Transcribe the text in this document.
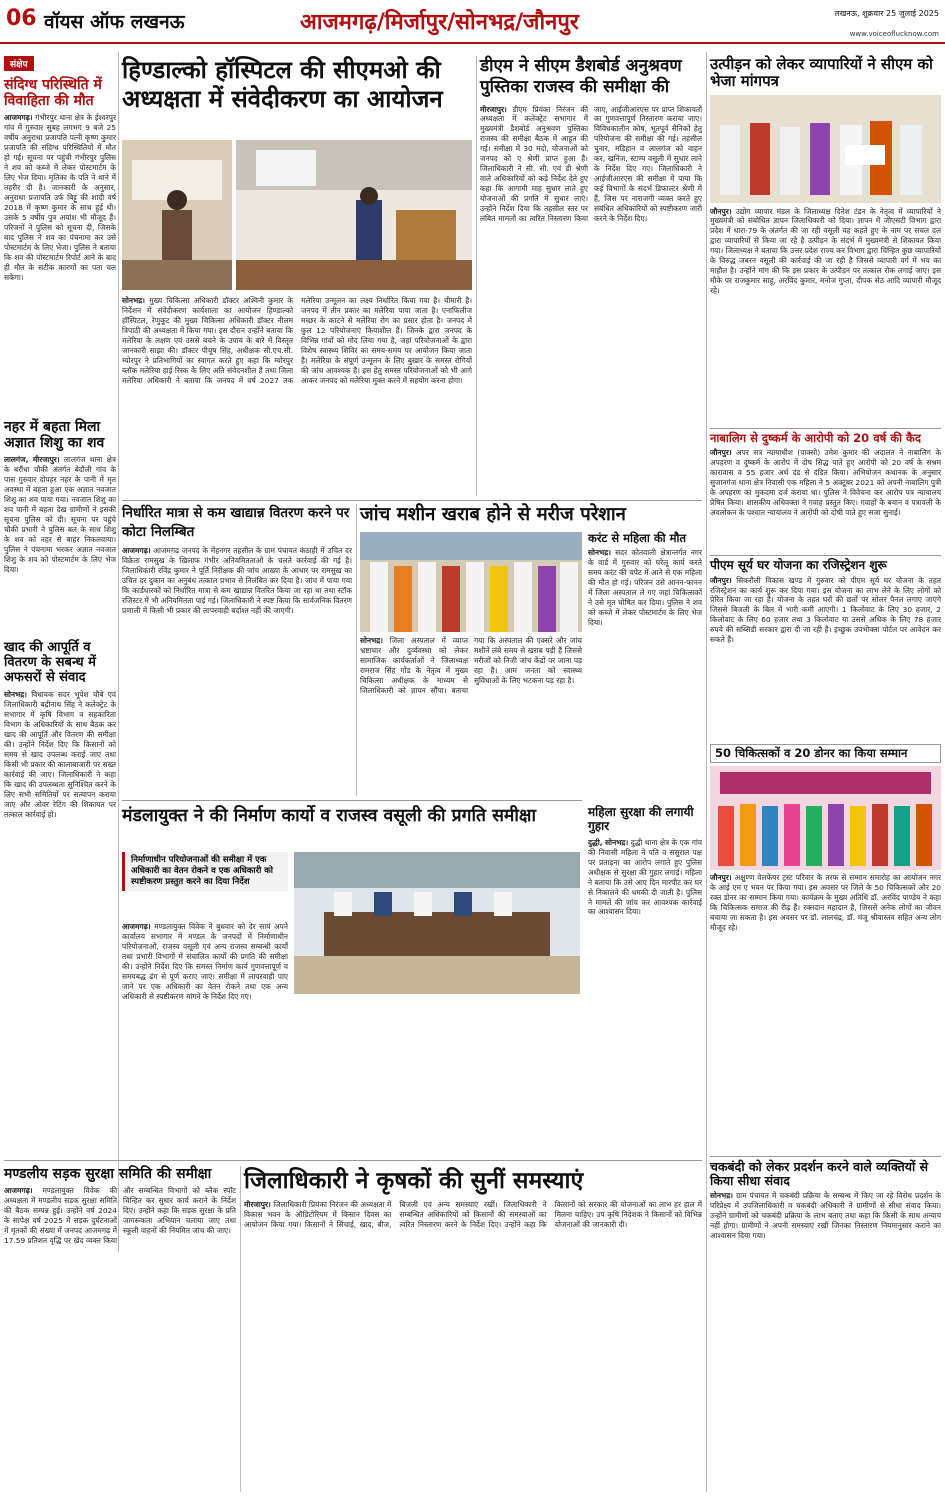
06 वॉयस ऑफ लखनऊ	आजमगढ़/मिर्जापुर/सोनभद्र/जौनपुर	लखनऊ, शुक्रवार 25 जुलाई 2025
www.voiceoflucknow.com
संक्षेप
संदिग्ध परिस्थिति में विवाहिता की मौत
आजमगढ़। गंभीरपुर थाना क्षेत्र के ईश्वरपुर गांव में गुरुवार सुबह लगभग 9 बजे 25 वर्षीय अनुराधा प्रजापति पत्नी कृष्ण कुमार प्रजापति की संदिग्ध परिस्थितियों में मौत हो गई। सूचना पर पहुंची गंभीरपुर पुलिस ने शव को कब्जे में लेकर पोस्टमार्टम के लिए भेज दिया। मृतिका के पति ने थाने में तहरीर दी है। जानकारी के अनुसार, अनुराधा प्रजापति उर्फ बिट्टू की शादी वर्ष 2018 में कृष्ण कुमार के साथ हुई थी। उसके 5 वर्षीय पुत्र अयांश भी मौजूद हैं। परिजनों ने पुलिस को सूचना दी, जिसके बाद पुलिस ने शव का पंचनामा कर उसे पोस्टमार्टम के लिए भेजा। पुलिस ने बताया कि शव की पोस्टमार्टम रिपोर्ट आने के बाद ही मौत के सटीक कारणों का पता चल सकेगा।
नहर में बहता मिला अज्ञात शिशु का शव
लालगंज, मीरजापुर। लालगंज थाना क्षेत्र के बरौंधा चौकी अंतर्गत बेदौली गांव के पास गुरुवार दोपहर नहर के पानी में मृत अवस्था में बहता हुआ एक अज्ञात नवजात शिशु का शव पाया गया। नवजात शिशु का शव पानी में बहता देख ग्रामीणों ने इसकी सूचना पुलिस को दी। सूचना पर पहुंचे चौकी प्रभारी ने पुलिस बल के साथ शिशु के शव को नहर से बाहर निकलवाया। पुलिस ने पंचनामा भरकर अज्ञात नवजात शिशु के शव को पोस्टमार्टम के लिए भेज दिया।
खाद की आपूर्ति व वितरण के सबन्ध में अफसरों से संवाद
सोनभद्र। विधायक सदर भूपेश चौबे एवं जिलाधिकारी बद्रीनाथ सिंह ने कलेक्ट्रेट के सभागार में कृषि विभाग व सहकारिता विभाग के अधिकारियों के साथ बैठक कर खाद की आपूर्ति और वितरण की समीक्षा की। उन्होंने निर्देश दिए कि किसानों को समय से खाद उपलब्ध कराई जाए तथा किसी भी प्रकार की कालाबाजारी पर सख्त कार्रवाई की जाए। जिलाधिकारी ने कहा कि खाद की उपलब्धता सुनिश्चित करने के लिए सभी समितियों पर सत्यापन कराया जाए और ओवर रेटिंग की शिकायत पर तत्काल कार्रवाई हो।
हिण्डाल्को हॉस्पिटल की सीएमओ की अध्यक्षता में संवेदीकरण का आयोजन
सोनभद्र। मुख्य चिकित्सा अधिकारी डॉक्टर अश्विनी कुमार के निर्देशन में संवेदीकरण कार्यशाला का आयोजन हिण्डाल्को हॉस्पिटल, रेणुकूट की मुख्य चिकित्सा अधिकारी डॉक्टर नीलम त्रिपाठी की अध्यक्षता में किया गया। इस दौरान उन्होंने बताया कि मलेरिया के लक्षण एवं उससे बचने के उपाय के बारे में विस्तृत जानकारी साझा की। डॉक्टर पीयूष सिंह, अधीक्षक सी.एच.सी. म्योरपुर ने प्रतिभागियों का स्वागत करते हुए कहा कि म्योरपुर ब्लॉक मलेरिया हाई रिस्क के लिए अति संवेदनशील है तथा जिला मलेरिया अधिकारी ने बताया कि जनपद में वर्ष 2027 तक मलेरिया उन्मूलन का लक्ष्य निर्धारित किया गया है। चीमारी है। जनपद में तीन प्रकार का मलेरिया पाया जाता है। एनाफिलीज मच्छर के काटने से मलेरिया रोग का प्रसार होता है। जनपद में कुल 12 परियोजनाएं कियाशील हैं। जिनके द्वारा जनपद के विभिन्न गांवों को मोद लिया गया है, जहां परियोजनाओं के द्वारा विशेष स्वास्थ्य शिविर का समय-समय पर आयोजन किया जाता है। मलेरिया के संपूर्ण उन्मूलन के लिए बुखार के समस्त रोगियों की जांच आवश्यक है। इस हेतु समस्त परियोजनाओं को भी आगे आकर जनपद को मलेरिया मुक्त करने में सहयोग करना होगा।
डीएम ने सीएम डैशबोर्ड अनुश्रवण पुस्तिका राजस्व की समीक्षा की
मीरजापुर। डीएम प्रियंका निरंजन की अध्यक्षता में कलेक्ट्रेट सभागार में मुख्यमंत्री डैशबोर्ड अनुश्रवण पुस्तिका राजस्व की समीक्षा बैठक में आहूत की गई। समीक्षा में 30 मदो, योजनाओं को जनपद को ए श्रेणी प्राप्त हुआ है। जिलाधिकारी ने सी. सी. एवं डी श्रेणी वाले अधिकारियों को कड़े निर्देश देते हुए कहा कि आगामी माह सुधार लाते हुए योजनाओं की प्रगति में सुधार लाएं। उन्होंने निर्देश दिया कि तहसील स्तर पर लंबित मामलों का त्वरित निस्तारण किया जाए, आईजीआरएस पर प्राप्त शिकायतों का गुणवत्तापूर्ण निस्तारण कराया जाए। विविधकालीन कोष, भूतपूर्व सैनिकों हेतु परियोजना की समीक्षा की गई। तहसील चुनार, मड़िहान व लालगंज को वाहन कर, खनिज, स्टाम्प वसूली में सुधार लाने के निर्देश दिए गए। जिलाधिकारी ने आईजीआरएस की समीक्षा में पाया कि कई विभागों के संदर्भ डिफाल्टर श्रेणी में हैं, जिस पर नाराजगी व्यक्त करते हुए संबंधित अधिकारियों को स्पष्टीकरण जारी करने के निर्देश दिए।
उत्पीड़न को लेकर व्यापारियों ने सीएम को भेजा मांगपत्र
जौनपुर। उद्योग व्यापार मंडल के जिलाध्यक्ष दिनेश टंडन के नेतृत्व में व्यापारियों ने मुख्यमंत्री को संबोधित ज्ञापन जिलाधिकारी को दिया। ज्ञापन में जीएसटी विभाग द्वारा प्रदेश में धारा-79 के अंतर्गत की जा रही वसूली यह कहते हुए के नाम पर सचल दल द्वारा व्यापारियों से किया जा रहे है उत्पीड़न के संदर्भ में मुख्यमंत्री से शिकायत किया गया। जिलाध्यक्ष ने बताया कि उत्तर प्रदेश राज्य कर विभाग द्वारा चिन्हित कुछ व्यापारियों के विरुद्ध जबरन वसूली की कार्रवाई की जा रही है जिससे व्यापारी वर्ग में भय का माहौल है। उन्होंने मांग की कि इस प्रकार के उत्पीड़न पर तत्काल रोक लगाई जाए। इस मौके पर राजकुमार साहू, अरविंद कुमार, मनोज गुप्ता, दीपक सेठ आदि व्यापारी मौजूद रहे।
नाबालिग से दुष्कर्म के आरोपी को 20 वर्ष की कैद
जौनपुर। अपर सत्र न्यायाधीश (पाक्सो) उमेश कुमार की अदालत ने नाबालिग के अपहरण व दुष्कर्म के आरोप में दोष सिद्ध पाते हुए आरोपी को 20 वर्ष के सश्रम कारावास व 55 हजार अर्थ दंड से दंडित किया। अभियोजन कथानक के अनुसार सुजानगंज थाना क्षेत्र निवासी एक महिला ने 5 अक्टूबर 2021 को अपनी नाबालिग पुत्री के अपहरण का मुकदमा दर्ज कराया था। पुलिस ने विवेचना कर आरोप पत्र न्यायालय प्रेषित किया। शासकीय अधिवक्ता ने गवाह प्रस्तुत किए। गवाहों के बयान व पत्रावली के अवलोकन के पश्चात न्यायालय ने आरोपी को दोषी पाते हुए सजा सुनाई।
पीएम सूर्य घर योजना का रजिस्ट्रेशन शुरू
जौनपुर। सिकरौली विकास खण्ड में गुरुवार को पीएम सूर्य घर योजना के तहत रजिस्ट्रेशन का कार्य शुरू कर दिया गया। इस योजना का लाभ लेने के लिए लोगों को प्रेरित किया जा रहा है। योजना के तहत घरों की छतों पर सोलर पैनल लगाए जाएंगे जिससे बिजली के बिल में भारी कमी आएगी। 1 किलोवाट के लिए 30 हजार, 2 किलोवाट के लिए 60 हजार तथा 3 किलोवाट या उससे अधिक के लिए 78 हजार रुपये की सब्सिडी सरकार द्वारा दी जा रही है। इच्छुक उपभोक्ता पोर्टल पर आवेदन कर सकते हैं।
50 चिकित्सकों व 20 डोनर का किया सम्मान
जौनपुर। अक्षुण्ण वेलफेयर ट्रस्ट परिवार के तरफ से सम्मान समारोह का आयोजन नगर के आई एम ए भवन पर किया गया। इस अवसर पर जिले के 50 चिकित्सकों और 20 रक्त डोनर का सम्मान किया गया। कार्यक्रम के मुख्य अतिथि डॉ. अरविंद पाण्डेय ने कहा कि चिकित्सक समाज की रीढ़ हैं। रक्तदान महादान है, जिससे अनेक लोगों का जीवन बचाया जा सकता है। इस अवसर पर डॉ. लालचंद्र, डॉ. मंजू श्रीवास्तव सहित अन्य लोग मौजूद रहे।
चकबंदी को लेकर प्रदर्शन करने वाले व्यक्तियों से किया सीधा संवाद
सोनभद्र। ग्राम पंचायत में चकबंदी प्रक्रिया के सम्बन्ध में किए जा रहे विरोध प्रदर्शन के परिप्रेक्ष्य में उपजिलाधिकारी व चकबंदी अधिकारी ने ग्रामीणों से सीधा संवाद किया। उन्होंने ग्रामीणों को चकबंदी प्रक्रिया के लाभ बताए तथा कहा कि किसी के साथ अन्याय नहीं होगा। ग्रामीणों ने अपनी समस्याएं रखीं जिनका निस्तारण नियमानुसार कराने का आश्वासन दिया गया।
निर्धारित मात्रा से कम खाद्यान्न वितरण करने पर कोटा निलम्बित
आजमगढ़। आजमगढ़ जनपद के मेंहनगर तहसील के ग्राम पंचायत कंठाही में उचित दर विक्रेता रामसुख के खिलाफ गंभीर अनियमितताओं के चलते कार्रवाई की गई है। जिलाधिकारी रविंद्र कुमार ने पूर्ति निरीक्षक की जांच आख्या के आधार पर रामसुख का उचित दर दुकान का अनुबंध तत्काल प्रभाव से निलंबित कर दिया है। जांच में पाया गया कि कार्डधारकों को निर्धारित मात्रा से कम खाद्यान्न वितरित किया जा रहा था तथा स्टॉक रजिस्टर में भी अनियमितता पाई गई। जिलाधिकारी ने स्पष्ट किया कि सार्वजनिक वितरण प्रणाली में किसी भी प्रकार की लापरवाही बर्दाश्त नहीं की जाएगी।
जांच मशीन खराब होने से मरीज परेशान
सोनभद्र। जिला अस्पताल में व्याप्त भ्रष्टाचार और दुर्व्यवस्था को लेकर सामाजिक कार्यकर्ताओं ने जिलाध्यक्ष रामराज सिंह गोंड के नेतृत्व में मुख्य चिकित्सा अधीक्षक के माध्यम से जिलाधिकारी को ज्ञापन सौंपा। बताया गया कि अस्पताल की एक्सरे और जांच मशीनें लंबे समय से खराब पड़ी हैं जिससे मरीजों को निजी जांच केंद्रों पर जाना पड़ रहा है। आम जनता को स्वास्थ्य सुविधाओं के लिए भटकना पड़ रहा है।
करंट से महिला की मौत
सोनभद्र। सदर कोतवाली क्षेत्रान्तर्गत नगर के वार्ड में गुरुवार को घरेलू कार्य करते समय करंट की चपेट में आने से एक महिला की मौत हो गई। परिजन उसे आनन-फानन में जिला अस्पताल ले गए जहां चिकित्सकों ने उसे मृत घोषित कर दिया। पुलिस ने शव को कब्जे में लेकर पोस्टमार्टम के लिए भेज दिया।
मंडलायुक्त ने की निर्माण कार्यो व राजस्व वसूली की प्रगति समीक्षा
निर्माणाधीन परियोजनाओं की समीक्षा में एक अधिकारी का वेतन रोकने व एक अधिकारी को स्पष्टीकरण प्रस्तुत करने का दिया निर्देश
आजमगढ़। मण्डलायुक्त विवेक ने बुधवार को देर सायं अपने कार्यालय सभागार में मण्डल के जनपदों में निर्माणाधीन परियोजनाओं, राजस्व वसूली एवं अन्य राजस्व सम्बन्धी कार्यों तथा प्रभारी विभागों में संचालित कार्यों की प्रगति की समीक्षा की। उन्होंने निर्देश दिए कि समस्त निर्माण कार्य गुणवत्तापूर्ण व समयबद्ध ढंग से पूर्ण कराए जाएं। समीक्षा में लापरवाही पाए जाने पर एक अधिकारी का वेतन रोकने तथा एक अन्य अधिकारी से स्पष्टीकरण मांगने के निर्देश दिए गए।
महिला सुरक्षा की लगायी गुहार
दुद्धी, सोनभद्र। दुद्धी थाना क्षेत्र के एक गांव की निवासी महिला ने पति व ससुराल पक्ष पर प्रताड़ना का आरोप लगाते हुए पुलिस अधीक्षक से सुरक्षा की गुहार लगाई। महिला ने बताया कि उसे आए दिन मारपीट कर घर से निकालने की धमकी दी जाती है। पुलिस ने मामले की जांच कर आवश्यक कार्रवाई का आश्वासन दिया।
मण्डलीय सड़क सुरक्षा समिति की समीक्षा
आजमगढ़। मण्डलायुक्त विवेक की अध्यक्षता में मण्डलीय सड़क सुरक्षा समिति की बैठक सम्पन्न हुई। उन्होंने वर्ष 2024 के सापेक्ष वर्ष 2025 में सड़क दुर्घटनाओं में मृतकों की संख्या में जनपद आजमगढ़ में 17.59 प्रतिशत वृद्धि पर खेद व्यक्त किया और सम्बन्धित विभागों को ब्लैक स्पॉट चिन्हित कर सुधार कार्य कराने के निर्देश दिए। उन्होंने कहा कि सड़क सुरक्षा के प्रति जागरूकता अभियान चलाया जाए तथा स्कूली वाहनों की नियमित जांच की जाए।
जिलाधिकारी ने कृषकों की सुनीं समस्याएं
मीरजापुर। जिलाधिकारी प्रियंका निरंजन की अध्यक्षता में विकास भवन के ऑडिटोरियम में किसान दिवस का आयोजन किया गया। किसानों ने सिंचाई, खाद, बीज, बिजली एवं अन्य समस्याएं रखीं। जिलाधिकारी ने सम्बन्धित अधिकारियों को किसानों की समस्याओं का त्वरित निस्तारण करने के निर्देश दिए। उन्होंने कहा कि किसानों को सरकार की योजनाओं का लाभ हर हाल में मिलना चाहिए। उप कृषि निदेशक ने किसानों को विभिन्न योजनाओं की जानकारी दी।
